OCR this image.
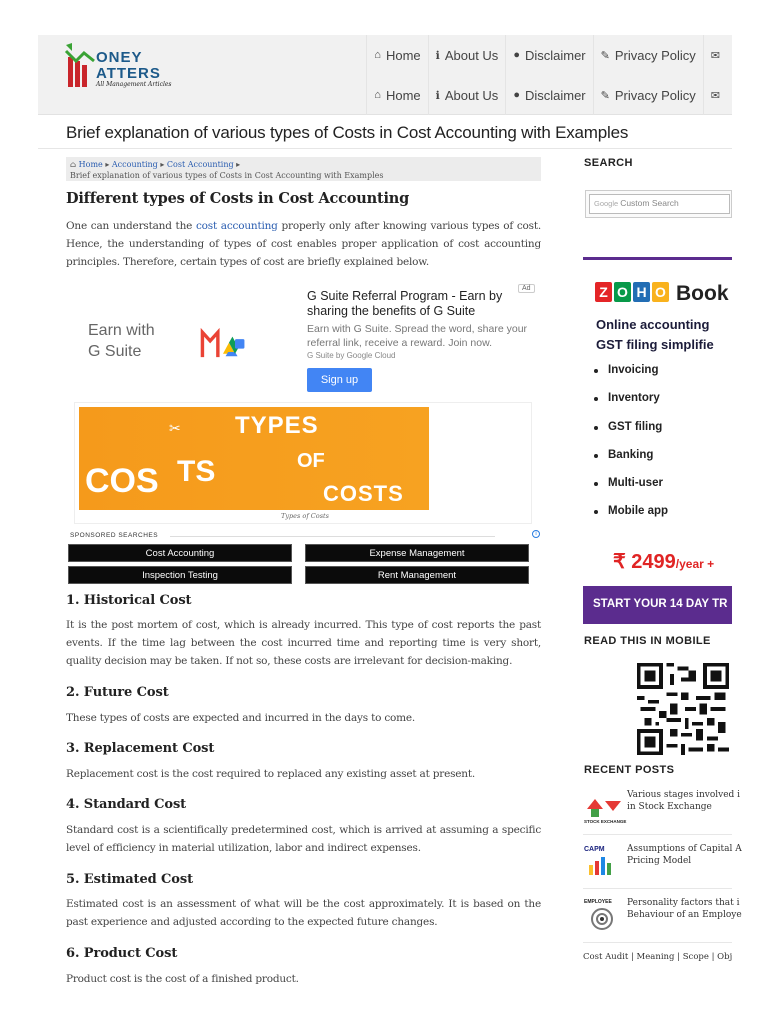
ONEY
ATTERS
All Management Articles
⌂ Home ℹ About Us ● Disclaimer ✎ Privacy Policy ✉
⌂ Home ℹ About Us ● Disclaimer ✎ Privacy Policy ✉
Brief explanation of various types of Costs in Cost Accounting with Examples
⌂ Home ▸ Accounting ▸ Cost Accounting ▸
Brief explanation of various types of Costs in Cost Accounting with Examples
Different types of Costs in Cost Accounting
One can understand the cost accounting properly only after knowing various types of cost. Hence, the understanding of types of cost enables proper application of cost accounting principles. Therefore, certain types of cost are briefly explained below.
Earn with
G Suite
G Suite Referral Program - Earn by sharing the benefits of G Suite
Earn with G Suite. Spread the word, share your referral link, receive a reward. Join now.
G Suite by Google Cloud
Sign up
Ad
COS TS
TYPES
OF
COSTS
✂
Types of Costs
SPONSORED SEARCHES	i
Cost Accounting	Expense Management
Inspection Testing	Rent Management
1. Historical Cost
It is the post mortem of cost, which is already incurred. This type of cost reports the past events. If the time lag between the cost incurred time and reporting time is very short, quality decision may be taken. If not so, these costs are irrelevant for decision-making.
2. Future Cost
These types of costs are expected and incurred in the days to come.
3. Replacement Cost
Replacement cost is the cost required to replaced any existing asset at present.
4. Standard Cost
Standard cost is a scientifically predetermined cost, which is arrived at assuming a specific level of efficiency in material utilization, labor and indirect expenses.
5. Estimated Cost
Estimated cost is an assessment of what will be the cost approximately. It is based on the past experience and adjusted according to the expected future changes.
6. Product Cost
Product cost is the cost of a finished product.
SEARCH
Google Custom Search
Z O H O Book
Online accounting
GST filing simplifie
Invoicing
Inventory
GST filing
Banking
Multi-user
Mobile app
₹ 2499/year +
START YOUR 14 DAY TR
READ THIS IN MOBILE
RECENT POSTS
STOCK EXCHANGE
Various stages involved i
in Stock Exchange
CAPM Assumptions of Capital A
Pricing Model
EMPLOYEE Personality factors that i
Behaviour of an Employe
Cost Audit | Meaning | Scope | Obj
